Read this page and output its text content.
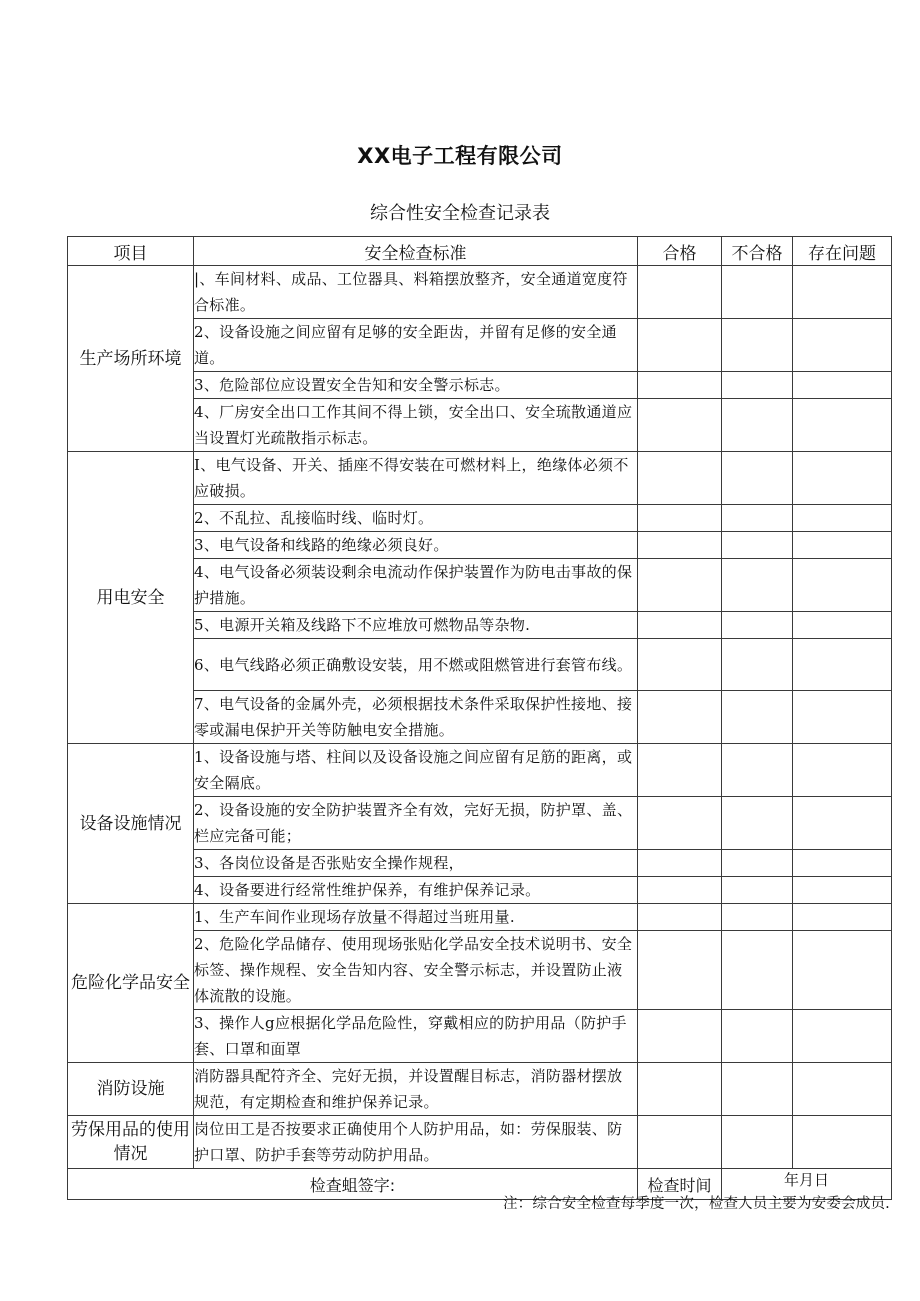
XX电子工程有限公司
综合性安全检查记录表
项目	安全检查标准	合格	不合格	存在问题
生产场所环境	|、车间材料、成品、工位器具、料箱摆放整齐，安全通道宽度符合标准。			
	2、设备设施之间应留有足够的安全距齿，并留有足修的安全通道。			
	3、危险部位应设置安全告知和安全警示标志。			
	4、厂房安全出口工作其间不得上锁，安全出口、安全琉散通道应当设置灯光疏散指示标志。			
用电安全	I、电气设备、开关、插座不得安装在可燃材料上，绝缘体必须不应破损。			
	2、不乱拉、乱接临时线、临时灯。			
	3、电气设备和线路的绝缘必须良好。			
	4、电气设备必须装设剩余电流动作保护装置作为防电击事故的保护措施。			
	5、电源开关箱及线路下不应堆放可燃物品等杂物.			
	6、电气线路必须正确敷设安装，用不燃或阻燃管进行套管布线。			
	7、电气设备的金属外壳，必须根据技术条件采取保护性接地、接零或漏电保护开关等防触电安全措施。			
设备设施情况	1、设备设施与塔、柱间以及设备设施之间应留有足筋的距离，或安全隔底。			
	2、设备设施的安全防护装置齐全有效，完好无损，防护罩、盖、栏应完备可能；			
	3、各岗位设备是否张贴安全操作规程，			
	4、设备要进行经常性维护保养，有维护保养记录。			
危险化学品安全	1、生产车间作业现场存放量不得超过当班用量.			
	2、危险化学品储存、使用现场张贴化学品安全技术说明书、安全标签、操作规程、安全告知内容、安全警示标志，并设置防止液体流散的设施。			
	3、操作人g应根据化学品危险性，穿戴相应的防护用品（防护手套、口罩和面罩			
消防设施	消防器具配符齐全、完好无损，并设置醒目标志，消防器材摆放规范，有定期检查和维护保养记录。			
劳保用品的使用情况	岗位田工是否按要求正确使用个人防护用品，如：劳保服装、防护口罩、防护手套等劳动防护用品。			
检查蛆签字:		检查时间	年月日	
注：综合安全检查每季度一次，检查人员主要为安委会成员.
